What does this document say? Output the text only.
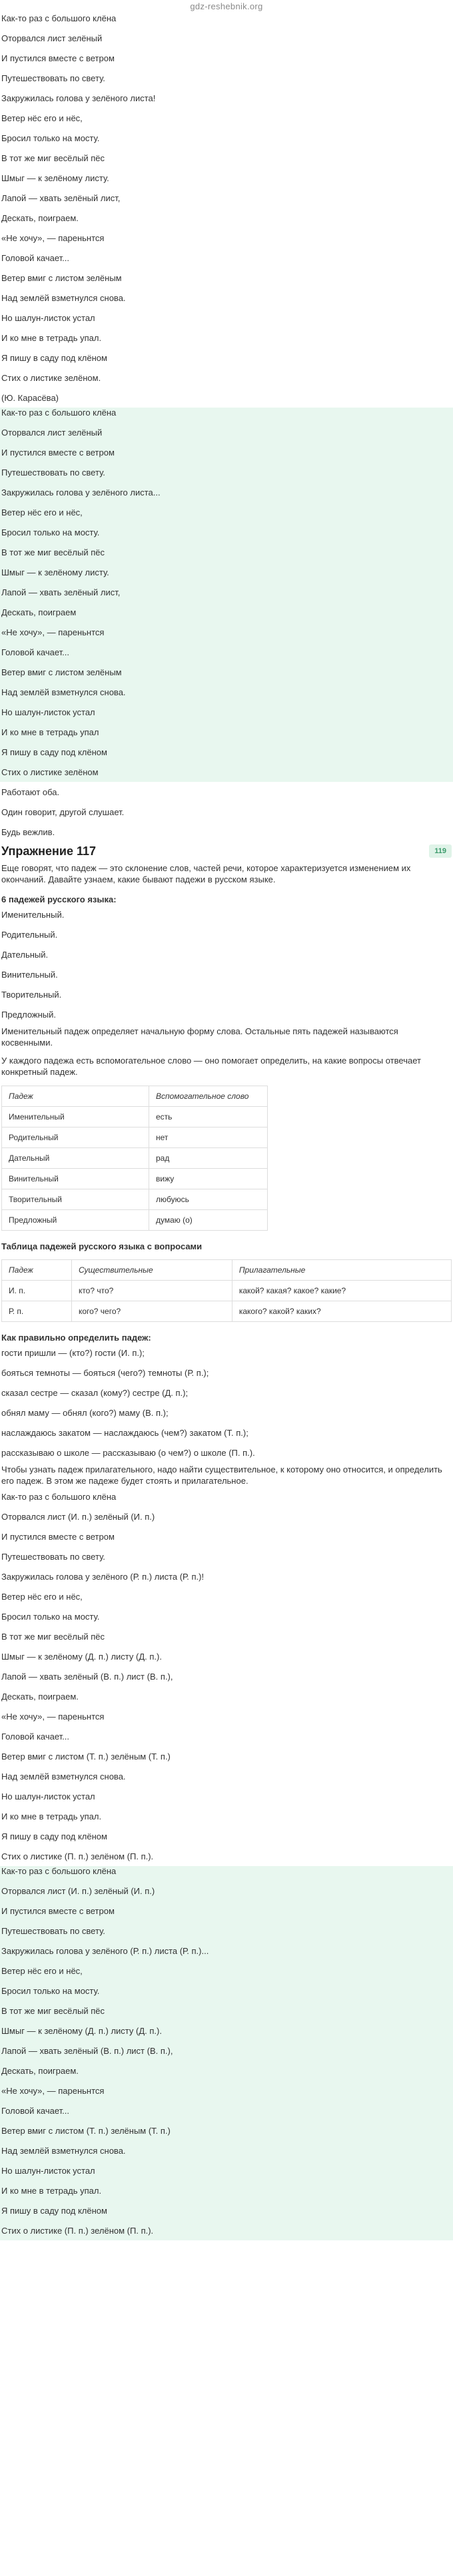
gdz-reshebnik.org
Как-то раз с большого клёна
Оторвался лист зелёный
И пустился вместе с ветром
Путешествовать по свету.
Закружилась голова у зелёного листа!
Ветер нёс его и нёс,
Бросил только на мосту.
В тот же миг весёлый пёс
Шмыг — к зелёному листу.
Лапой — хвать зелёный лист,
Дескать, поиграем.
«Не хочу», — пареньнтся
Головой качает...
Ветер вмиг с листом зелёным
Над землёй взметнулся снова.
Но шалун-листок устал
И ко мне в тетрадь упал.
Я пишу в саду под клёном
Стих о листике зелёном.
(Ю. Карасёва)
Как-то раз с большого клёна
Оторвался лист зелёный
И пустился вместе с ветром
Путешествовать по свету.
Закружилась голова у зелёного листа...
Ветер нёс его и нёс,
Бросил только на мосту.
В тот же миг весёлый пёс
Шмыг — к зелёному листу.
Лапой — хвать зелёный лист,
Дескать, поиграем
«Не хочу», — пареньнтся
Головой качает...
Ветер вмиг с листом зелёным
Над землёй взметнулся снова.
Но шалун-листок устал
И ко мне в тетрадь упал
Я пишу в саду под клёном
Стих о листике зелёном
Работают оба.
Один говорит, другой слушает.
Будь вежлив.
Упражнение 117	119
Еще говорят, что падеж — это склонение слов, частей речи, которое характеризуется изменением их окончаний. Давайте узнаем, какие бывают падежи в русском языке.
6 падежей русского языка:
Именительный.
Родительный.
Дательный.
Винительный.
Творительный.
Предложный.
Именительный падеж определяет начальную форму слова. Остальные пять падежей называются косвенными.
У каждого падежа есть вспомогательное слово — оно помогает определить, на какие вопросы отвечает конкретный падеж.
Падеж	Вспомогательное слово
Именительный	есть
Родительный	нет
Дательный	рад
Винительный	вижу
Творительный	любуюсь
Предложный	думаю (о)
Таблица падежей русского языка с вопросами
Падеж	Существительные	Прилагательные
И. п.	кто? что?	какой? какая? какое? какие?
Р. п.	кого? чего?	какого? какой? каких?
Как правильно определить падеж:
гости пришли — (кто?) гости (И. п.);
бояться темноты — бояться (чего?) темноты (Р. п.);
сказал сестре — сказал (кому?) сестре (Д. п.);
обнял маму — обнял (кого?) маму (В. п.);
наслаждаюсь закатом — наслаждаюсь (чем?) закатом (Т. п.);
рассказываю о школе — рассказываю (о чем?) о школе (П. п.).
Чтобы узнать падеж прилагательного, надо найти существительное, к которому оно относится, и определить его падеж. В этом же падеже будет стоять и прилагательное.
Как-то раз с большого клёна
Оторвался лист (И. п.) зелёный (И. п.)
И пустился вместе с ветром
Путешествовать по свету.
Закружилась голова у зелёного (Р. п.) листа (Р. п.)!
Ветер нёс его и нёс,
Бросил только на мосту.
В тот же миг весёлый пёс
Шмыг — к зелёному (Д. п.) листу (Д. п.).
Лапой — хвать зелёный (В. п.) лист (В. п.),
Дескать, поиграем.
«Не хочу», — пареньнтся
Головой качает...
Ветер вмиг с листом (Т. п.) зелёным (Т. п.)
Над землёй взметнулся снова.
Но шалун-листок устал
И ко мне в тетрадь упал.
Я пишу в саду под клёном
Стих о листике (П. п.) зелёном (П. п.).
Как-то раз с большого клёна
Оторвался лист (И. п.) зелёный (И. п.)
И пустился вместе с ветром
Путешествовать по свету.
Закружилась голова у зелёного (Р. п.) листа (Р. п.)...
Ветер нёс его и нёс,
Бросил только на мосту.
В тот же миг весёлый пёс
Шмыг — к зелёному (Д. п.) листу (Д. п.).
Лапой — хвать зелёный (В. п.) лист (В. п.),
Дескать, поиграем.
«Не хочу», — пареньнтся
Головой качает...
Ветер вмиг с листом (Т. п.) зелёным (Т. п.)
Над землёй взметнулся снова.
Но шалун-листок устал
И ко мне в тетрадь упал.
Я пишу в саду под клёном
Стих о листике (П. п.) зелёном (П. п.).
